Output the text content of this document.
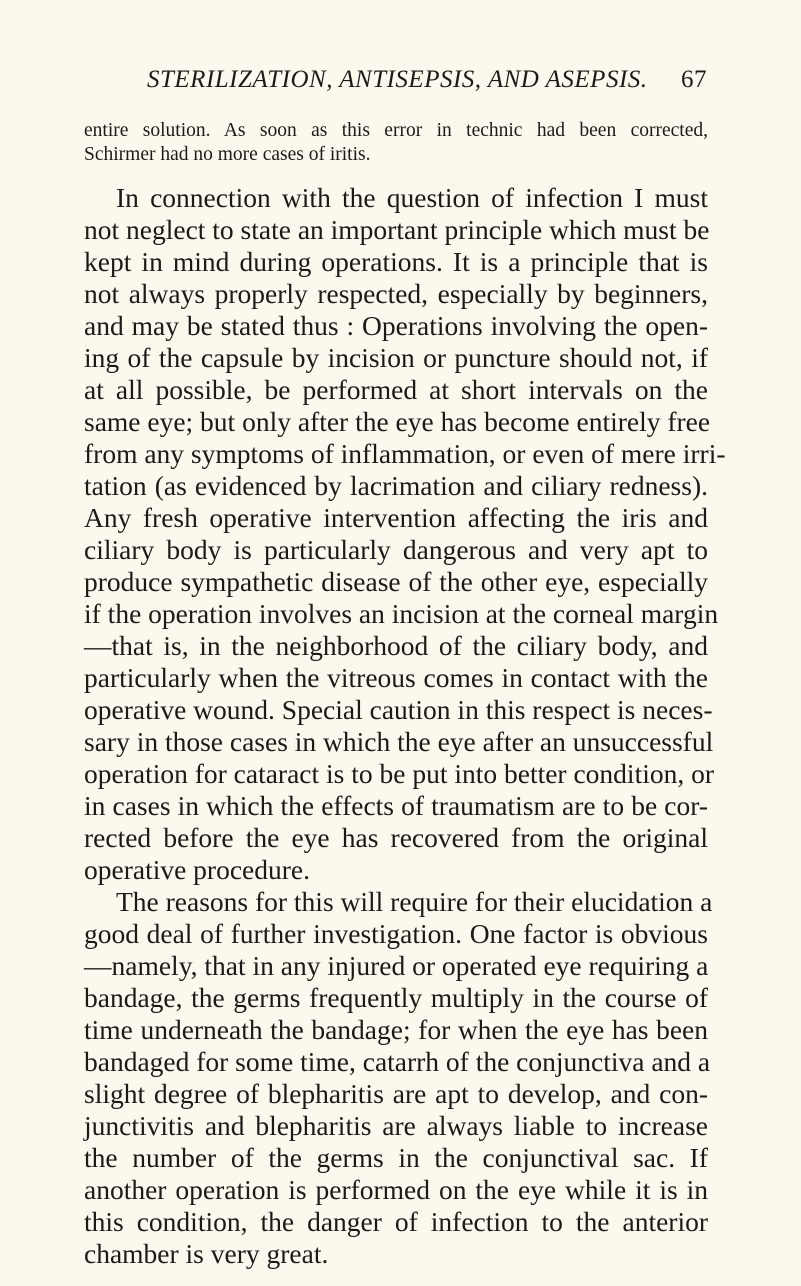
STERILIZATION, ANTISEPSIS, AND ASEPSIS. 67
entire solution. As soon as this error in technic had been corrected,
Schirmer had no more cases of iritis.
In connection with the question of infection I must
not neglect to state an important principle which must be
kept in mind during operations. It is a principle that is
not always properly respected, especially by beginners,
and may be stated thus : Operations involving the open-
ing of the capsule by incision or puncture should not, if
at all possible, be performed at short intervals on the
same eye; but only after the eye has become entirely free
from any symptoms of inflammation, or even of mere irri-
tation (as evidenced by lacrimation and ciliary redness).
Any fresh operative intervention affecting the iris and
ciliary body is particularly dangerous and very apt to
produce sympathetic disease of the other eye, especially
if the operation involves an incision at the corneal margin
—that is, in the neighborhood of the ciliary body, and
particularly when the vitreous comes in contact with the
operative wound. Special caution in this respect is neces-
sary in those cases in which the eye after an unsuccessful
operation for cataract is to be put into better condition, or
in cases in which the effects of traumatism are to be cor-
rected before the eye has recovered from the original
operative procedure.
The reasons for this will require for their elucidation a
good deal of further investigation. One factor is obvious
—namely, that in any injured or operated eye requiring a
bandage, the germs frequently multiply in the course of
time underneath the bandage; for when the eye has been
bandaged for some time, catarrh of the conjunctiva and a
slight degree of blepharitis are apt to develop, and con-
junctivitis and blepharitis are always liable to increase
the number of the germs in the conjunctival sac. If
another operation is performed on the eye while it is in
this condition, the danger of infection to the anterior
chamber is very great.
